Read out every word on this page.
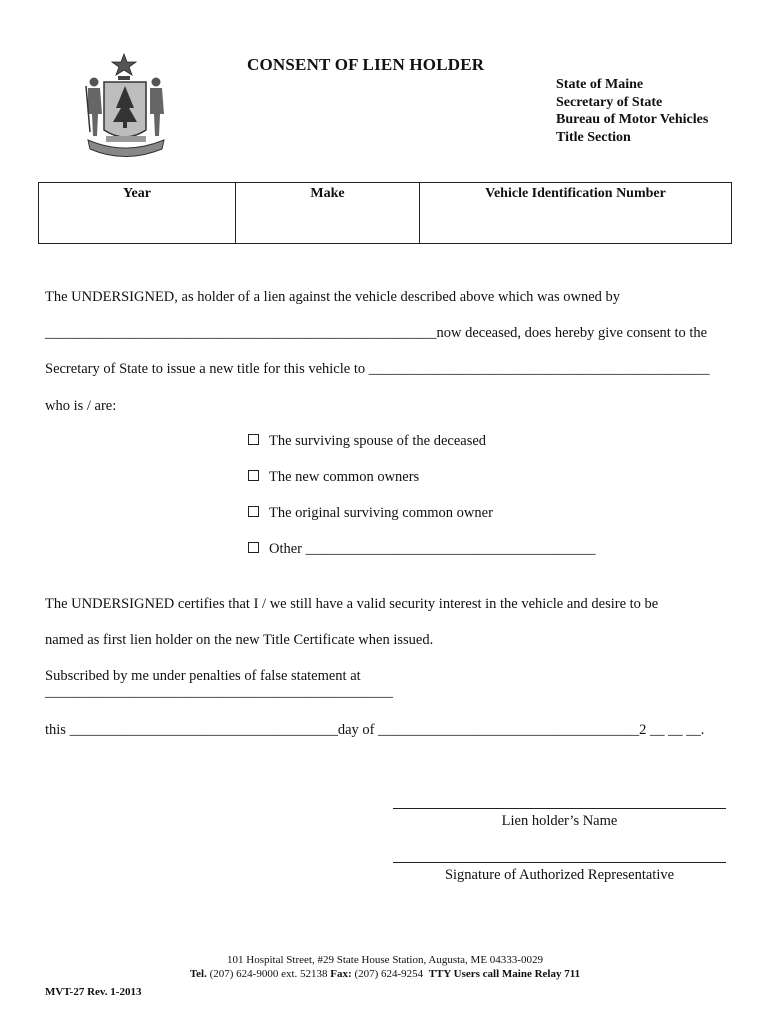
CONSENT OF LIEN HOLDER
State of Maine
Secretary of State
Bureau of Motor Vehicles
Title Section
Year	Make	Vehicle Identification Number
The UNDERSIGNED, as holder of a lien against the vehicle described above which was owned by
______________________________________________________now deceased, does hereby give consent to the
Secretary of State to issue a new title for this vehicle to _______________________________________________
who is / are:
The surviving spouse of the deceased
The new common owners
The original surviving common owner
Other ________________________________________
The UNDERSIGNED certifies that I / we still have a valid security interest in the vehicle and desire to be
named as first lien holder on the new Title Certificate when issued.
Subscribed by me under penalties of false statement at
________________________________________________
this _____________________________________day of ____________________________________2 __ __ __.
Lien holder’s Name
Signature of Authorized Representative
101 Hospital Street, #29 State House Station, Augusta, ME 04333-0029
Tel. (207) 624-9000 ext. 52138 Fax: (207) 624-9254 TTY Users call Maine Relay 711
MVT-27 Rev. 1-2013
